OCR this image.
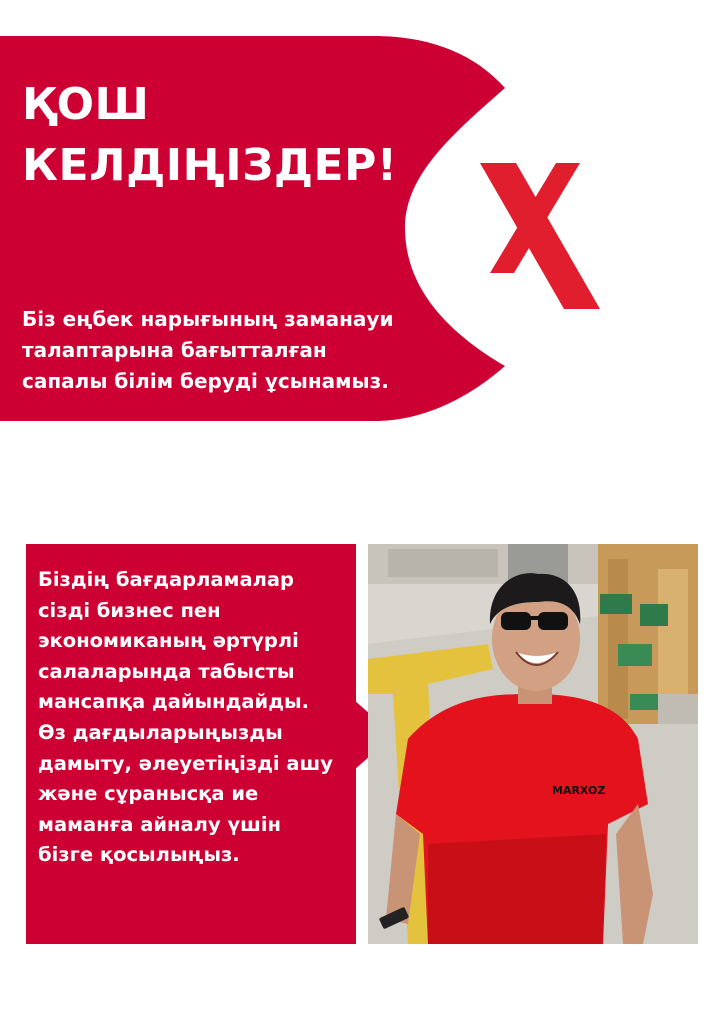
ҚОШ
КЕЛДІҢІЗДЕР!

Біз еңбек нарығының заманауи
талаптарына бағытталған
сапалы білім беруді ұсынамыз.

Біздің бағдарламалар
сізді бизнес пен
экономиканың әртүрлі
салаларында табысты
мансапқа дайындайды.
Өз дағдыларыңызды
дамыту, әлеуетіңізді ашу
және сұранысқа ие
маманға айналу үшін
бізге қосылыңыз.
MARXOZ
